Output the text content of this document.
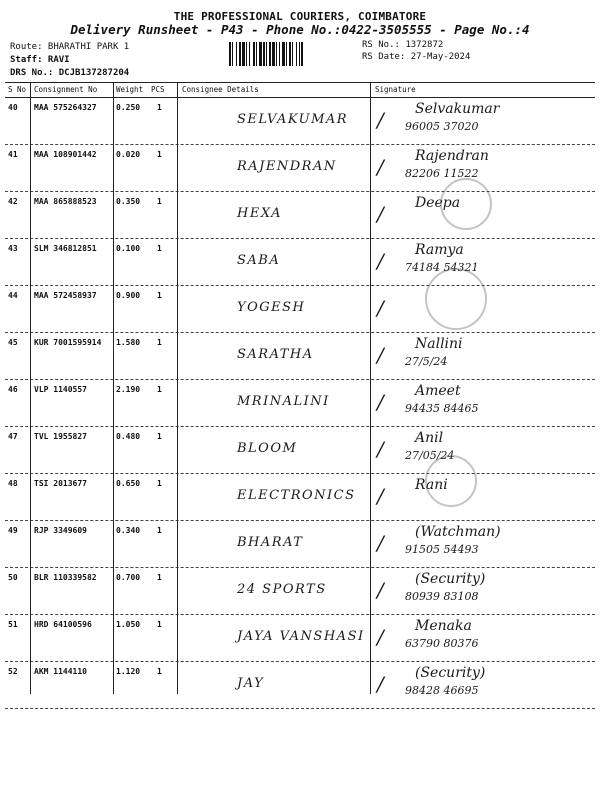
THE PROFESSIONAL COURIERS, COIMBATORE
Delivery Runsheet - P43 - Phone No.:0422-3505555 - Page No.:4
Route: BHARATHI PARK 1
Staff: RAVI
DRS No.: DCJB137287204
RS No.: 1372872
RS Date: 27-May-2024
S No Consignment No	Weight PCS Consignee Details	Signature
40 MAA 575264327 0.250 1
SELVAKUMAR / Selvakumar
96005 37020
41 MAA 108901442 0.020 1
RAJENDRAN / Rajendran
82206 11522
42 MAA 865888523 0.350 1
HEXA	/ Deepa
43 SLM 346812851 0.100 1
SABA	/ Ramya
74184 54321
44 MAA 572458937 0.900 1
YOGESH	/
45 KUR 7001595914 1.580 1
SARATHA	/ Nallini
27/5/24
46 VLP 1140557	2.190 1
MRINALINI / Ameet
94435 84465
47 TVL 1955827	0.480 1
BLOOM	/ Anil
27/05/24
48 TSI 2013677	0.650 1
ELECTRONICS / Rani
49 RJP 3349609	0.340 1
BHARAT	/ (Watchman)
91505 54493
50 BLR 110339582 0.700 1
24 SPORTS	/ (Security)
80939 83108
51 HRD 64100596	1.050 1
JAYA VANSHASI / Menaka
63790 80376
52 AKM 1144110	1.120 1
JAY	/ (Security)
98428 46695
